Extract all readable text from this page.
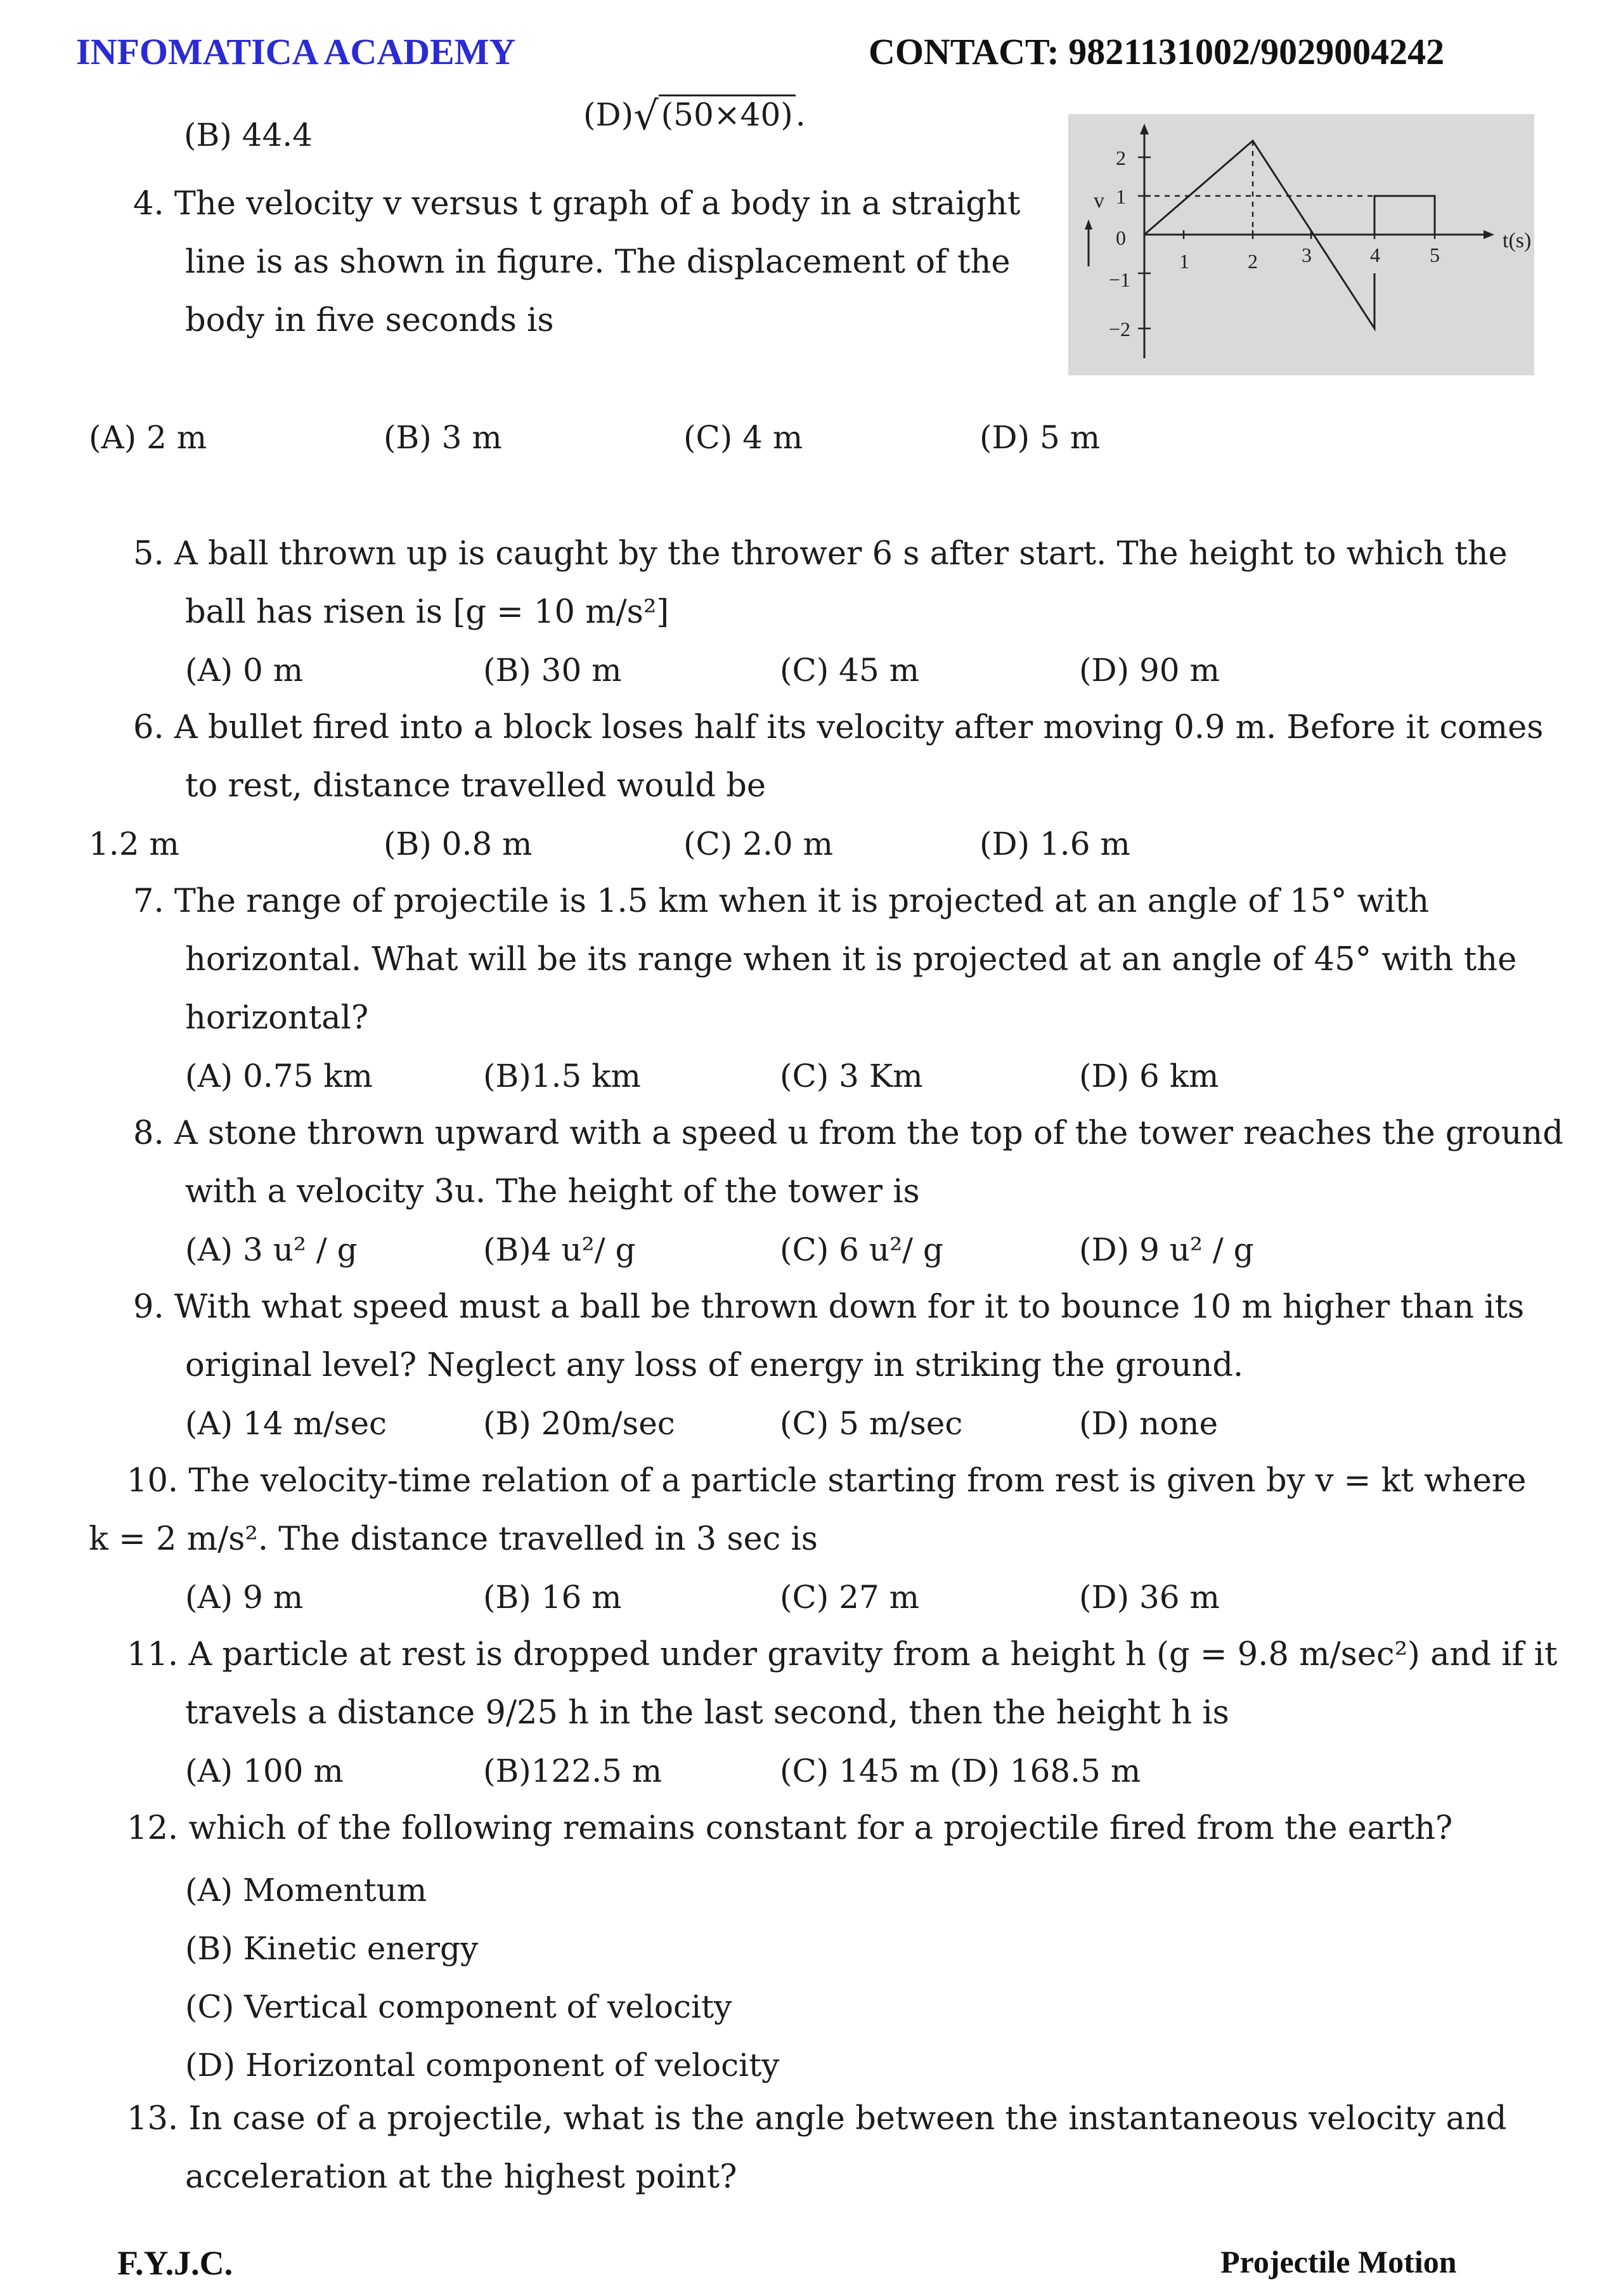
INFOMATICA ACADEMY	CONTACT: 9821131002/9029004242
(B) 44.4
(D)√(50×40).
4. The velocity v versus t graph of a body in a straight
line is as shown in figure. The displacement of the
body in five seconds is
(A) 2 m	(B) 3 m	(C) 4 m	(D) 5 m
v
t(s)
2
1
0
−1
−2
1	2 3	4 5
5. A ball thrown up is caught by the thrower 6 s after start. The height to which the
ball has risen is [g = 10 m/s²]
(A) 0 m	(B) 30 m	(C) 45 m	(D) 90 m
6. A bullet fired into a block loses half its velocity after moving 0.9 m. Before it comes
to rest, distance travelled would be
1.2 m	(B) 0.8 m	(C) 2.0 m	(D) 1.6 m
7. The range of projectile is 1.5 km when it is projected at an angle of 15° with
horizontal. What will be its range when it is projected at an angle of 45° with the
horizontal?
(A) 0.75 km	(B)1.5 km	(C) 3 Km	(D) 6 km
8. A stone thrown upward with a speed u from the top of the tower reaches the ground
with a velocity 3u. The height of the tower is
(A) 3 u² / g	(B)4 u²/ g	(C) 6 u²/ g	(D) 9 u² / g
9. With what speed must a ball be thrown down for it to bounce 10 m higher than its
original level? Neglect any loss of energy in striking the ground.
(A) 14 m/sec	(B) 20m/sec	(C) 5 m/sec	(D) none
10. The velocity-time relation of a particle starting from rest is given by v = kt where
k = 2 m/s². The distance travelled in 3 sec is
(A) 9 m	(B) 16 m	(C) 27 m	(D) 36 m
11. A particle at rest is dropped under gravity from a height h (g = 9.8 m/sec²) and if it
travels a distance 9/25 h in the last second, then the height h is
(A) 100 m	(B)122.5 m	(C) 145 m (D) 168.5 m
12. which of the following remains constant for a projectile fired from the earth?
(A) Momentum
(B) Kinetic energy
(C) Vertical component of velocity
(D) Horizontal component of velocity
13. In case of a projectile, what is the angle between the instantaneous velocity and
acceleration at the highest point?
F.Y.J.C.	Projectile Motion
